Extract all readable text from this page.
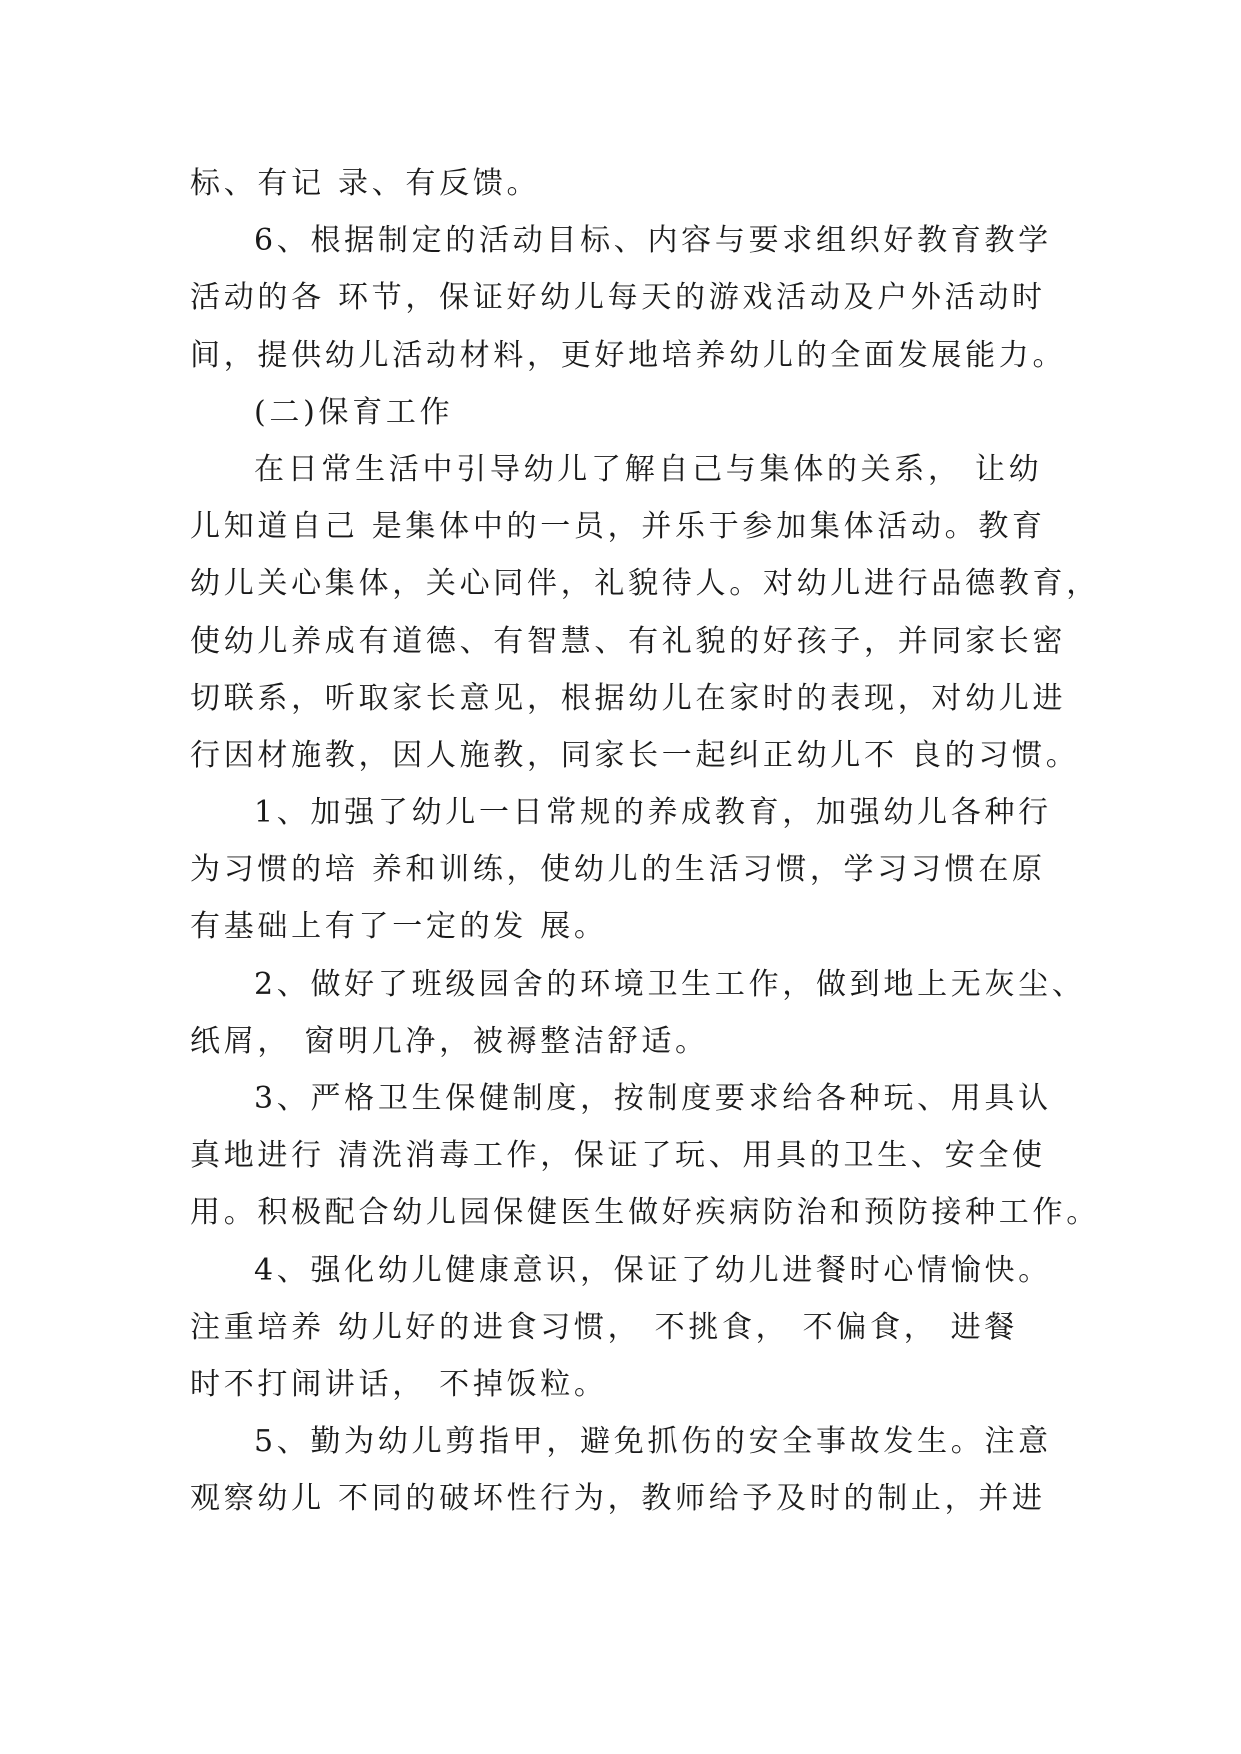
标、有记 录、有反馈。
6、根据制定的活动目标、内容与要求组织好教育教学
活动的各 环节，保证好幼儿每天的游戏活动及户外活动时
间，提供幼儿活动材料，更好地培养幼儿的全面发展能力。
(二)保育工作
在日常生活中引导幼儿了解自己与集体的关系， 让幼
儿知道自己 是集体中的一员，并乐于参加集体活动。教育
幼儿关心集体，关心同伴，礼貌待人。对幼儿进行品德教育，
使幼儿养成有道德、有智慧、有礼貌的好孩子，并同家长密
切联系，听取家长意见，根据幼儿在家时的表现，对幼儿进
行因材施教，因人施教，同家长一起纠正幼儿不 良的习惯。
1、加强了幼儿一日常规的养成教育，加强幼儿各种行
为习惯的培 养和训练，使幼儿的生活习惯，学习习惯在原
有基础上有了一定的发 展。
2、做好了班级园舍的环境卫生工作，做到地上无灰尘、
纸屑， 窗明几净，被褥整洁舒适。
3、严格卫生保健制度，按制度要求给各种玩、用具认
真地进行 清洗消毒工作，保证了玩、用具的卫生、安全使
用。积极配合幼儿园保健医生做好疾病防治和预防接种工作。
4、强化幼儿健康意识，保证了幼儿进餐时心情愉快。
注重培养 幼儿好的进食习惯， 不挑食， 不偏食， 进餐
时不打闹讲话， 不掉饭粒。
5、勤为幼儿剪指甲，避免抓伤的安全事故发生。注意
观察幼儿 不同的破坏性行为，教师给予及时的制止，并进
